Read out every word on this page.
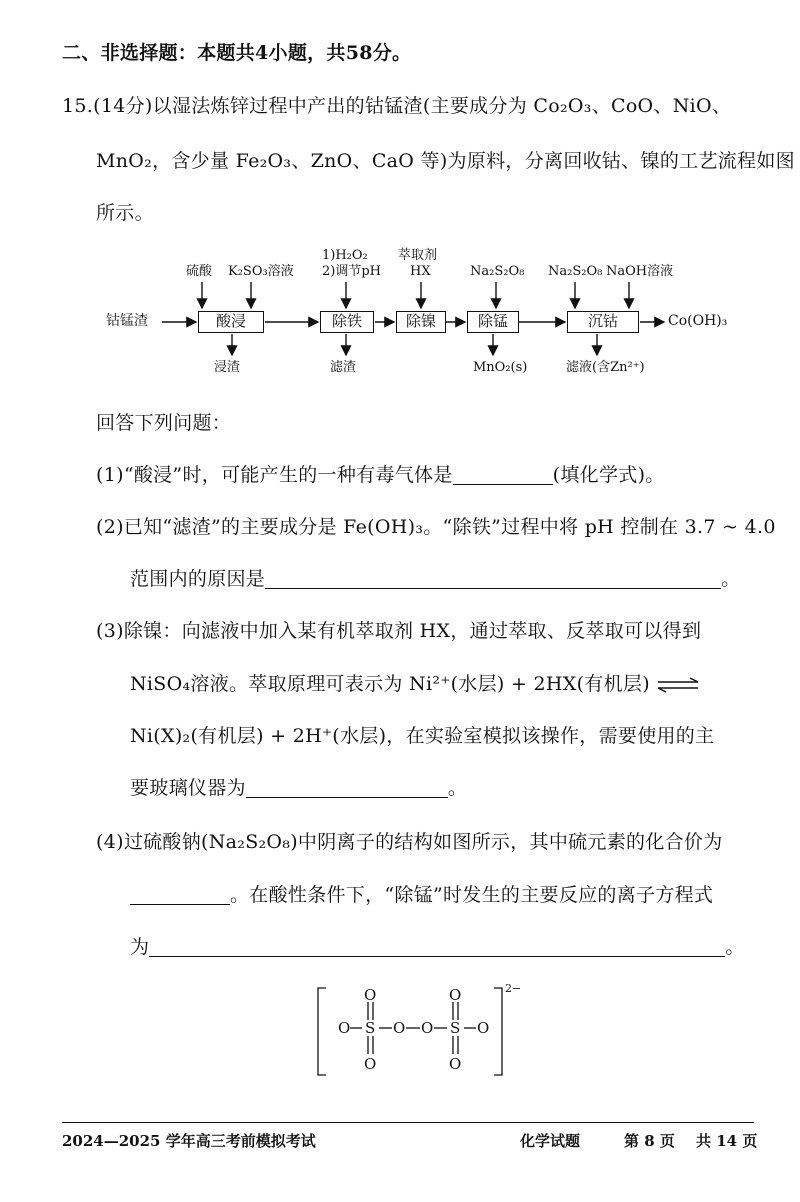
二、非选择题：本题共4小题，共58分。
15.(14分)以湿法炼锌过程中产出的钴锰渣(主要成分为 Co₂O₃、CoO、NiO、
MnO₂，含少量 Fe₂O₃、ZnO、CaO 等)为原料，分离回收钴、镍的工艺流程如图
所示。
钴锰渣	Co(OH)₃
酸浸	除铁	除镍	除锰	沉钴
硫酸 K₂SO₃溶液
1)H₂O₂
2)调节pH
萃取剂
HX	Na₂S₂O₈ Na₂S₂O₈ NaOH溶液
浸渣	滤渣	MnO₂(s)	滤液(含Zn²⁺)
回答下列问题：
(1)“酸浸”时，可能产生的一种有毒气体是	(填化学式)。
(2)已知“滤渣”的主要成分是 Fe(OH)₃。“除铁”过程中将 pH 控制在 3.7 ~ 4.0
范围内的原因是	。
(3)除镍：向滤液中加入某有机萃取剂 HX，通过萃取、反萃取可以得到
NiSO₄溶液。萃取原理可表示为 Ni²⁺(水层) + 2HX(有机层) ⇌
Ni(X)₂(有机层) + 2H⁺(水层)，在实验室模拟该操作，需要使用的主
要玻璃仪器为	。
(4)过硫酸钠(Na₂S₂O₈)中阴离子的结构如图所示，其中硫元素的化合价为
。在酸性条件下，“除锰”时发生的主要反应的离子方程式
为	。
O	O
O S O O S O
O	O
2−
2024—2025 学年高三考前模拟考试	化学试题	第 8 页 共 14 页
